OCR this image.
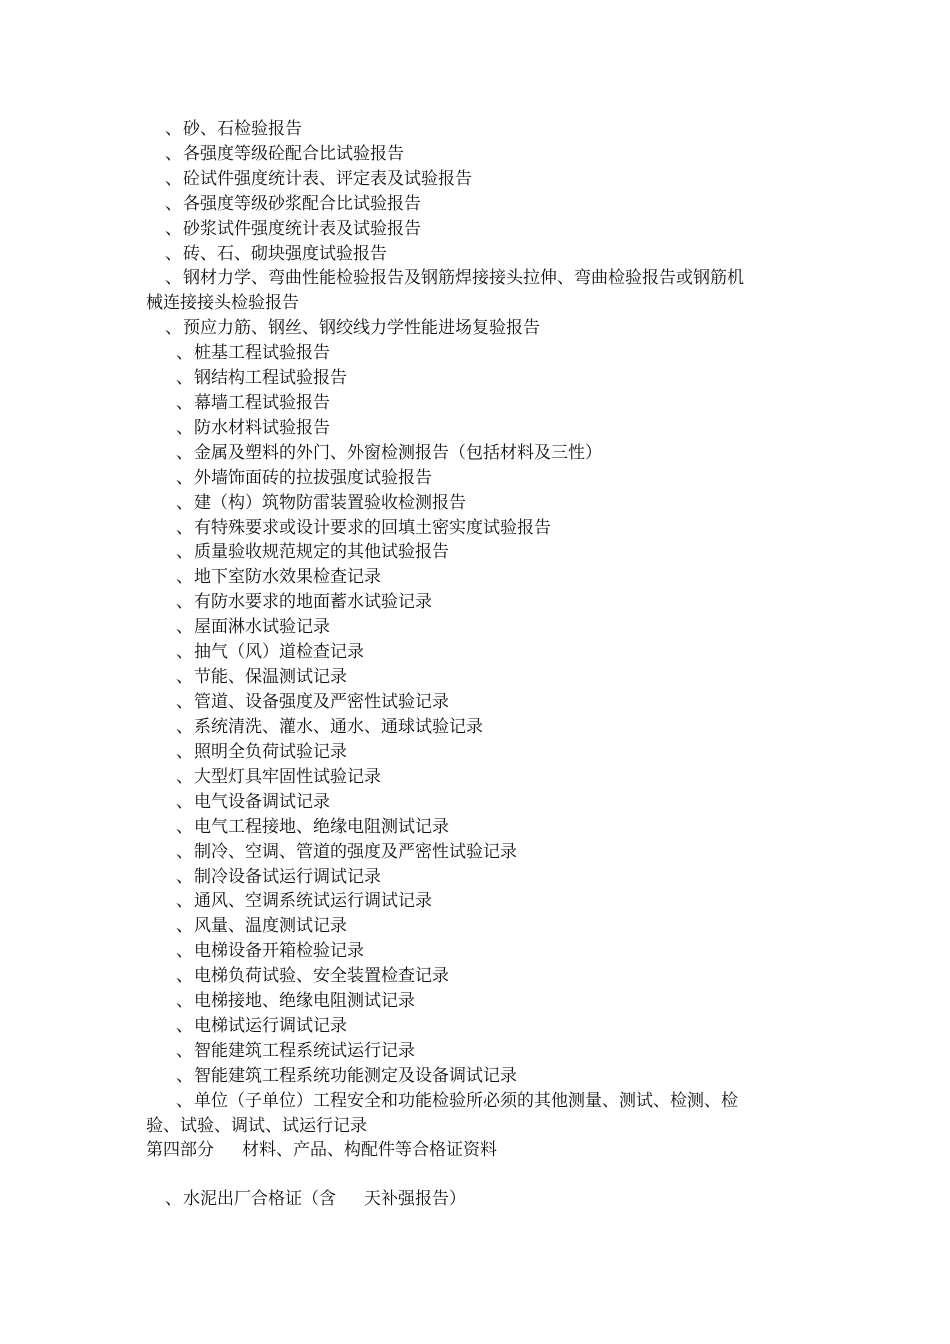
、砂、石检验报告
、各强度等级砼配合比试验报告
、砼试件强度统计表、评定表及试验报告
、各强度等级砂浆配合比试验报告
、砂浆试件强度统计表及试验报告
、砖、石、砌块强度试验报告
、钢材力学、弯曲性能检验报告及钢筋焊接接头拉伸、弯曲检验报告或钢筋机
械连接接头检验报告
、预应力筋、钢丝、钢绞线力学性能进场复验报告
、桩基工程试验报告
、钢结构工程试验报告
、幕墙工程试验报告
、防水材料试验报告
、金属及塑料的外门、外窗检测报告（包括材料及三性）
、外墙饰面砖的拉拔强度试验报告
、建（构）筑物防雷装置验收检测报告
、有特殊要求或设计要求的回填土密实度试验报告
、质量验收规范规定的其他试验报告
、地下室防水效果检查记录
、有防水要求的地面蓄水试验记录
、屋面淋水试验记录
、抽气（风）道检查记录
、节能、保温测试记录
、管道、设备强度及严密性试验记录
、系统清洗、灌水、通水、通球试验记录
、照明全负荷试验记录
、大型灯具牢固性试验记录
、电气设备调试记录
、电气工程接地、绝缘电阻测试记录
、制冷、空调、管道的强度及严密性试验记录
、制冷设备试运行调试记录
、通风、空调系统试运行调试记录
、风量、温度测试记录
、电梯设备开箱检验记录
、电梯负荷试验、安全装置检查记录
、电梯接地、绝缘电阻测试记录
、电梯试运行调试记录
、智能建筑工程系统试运行记录
、智能建筑工程系统功能测定及设备调试记录
、单位（子单位）工程安全和功能检验所必须的其他测量、测试、检测、检
验、试验、调试、试运行记录
第四部分 材料、产品、构配件等合格证资料
、水泥出厂合格证（含 天补强报告）
